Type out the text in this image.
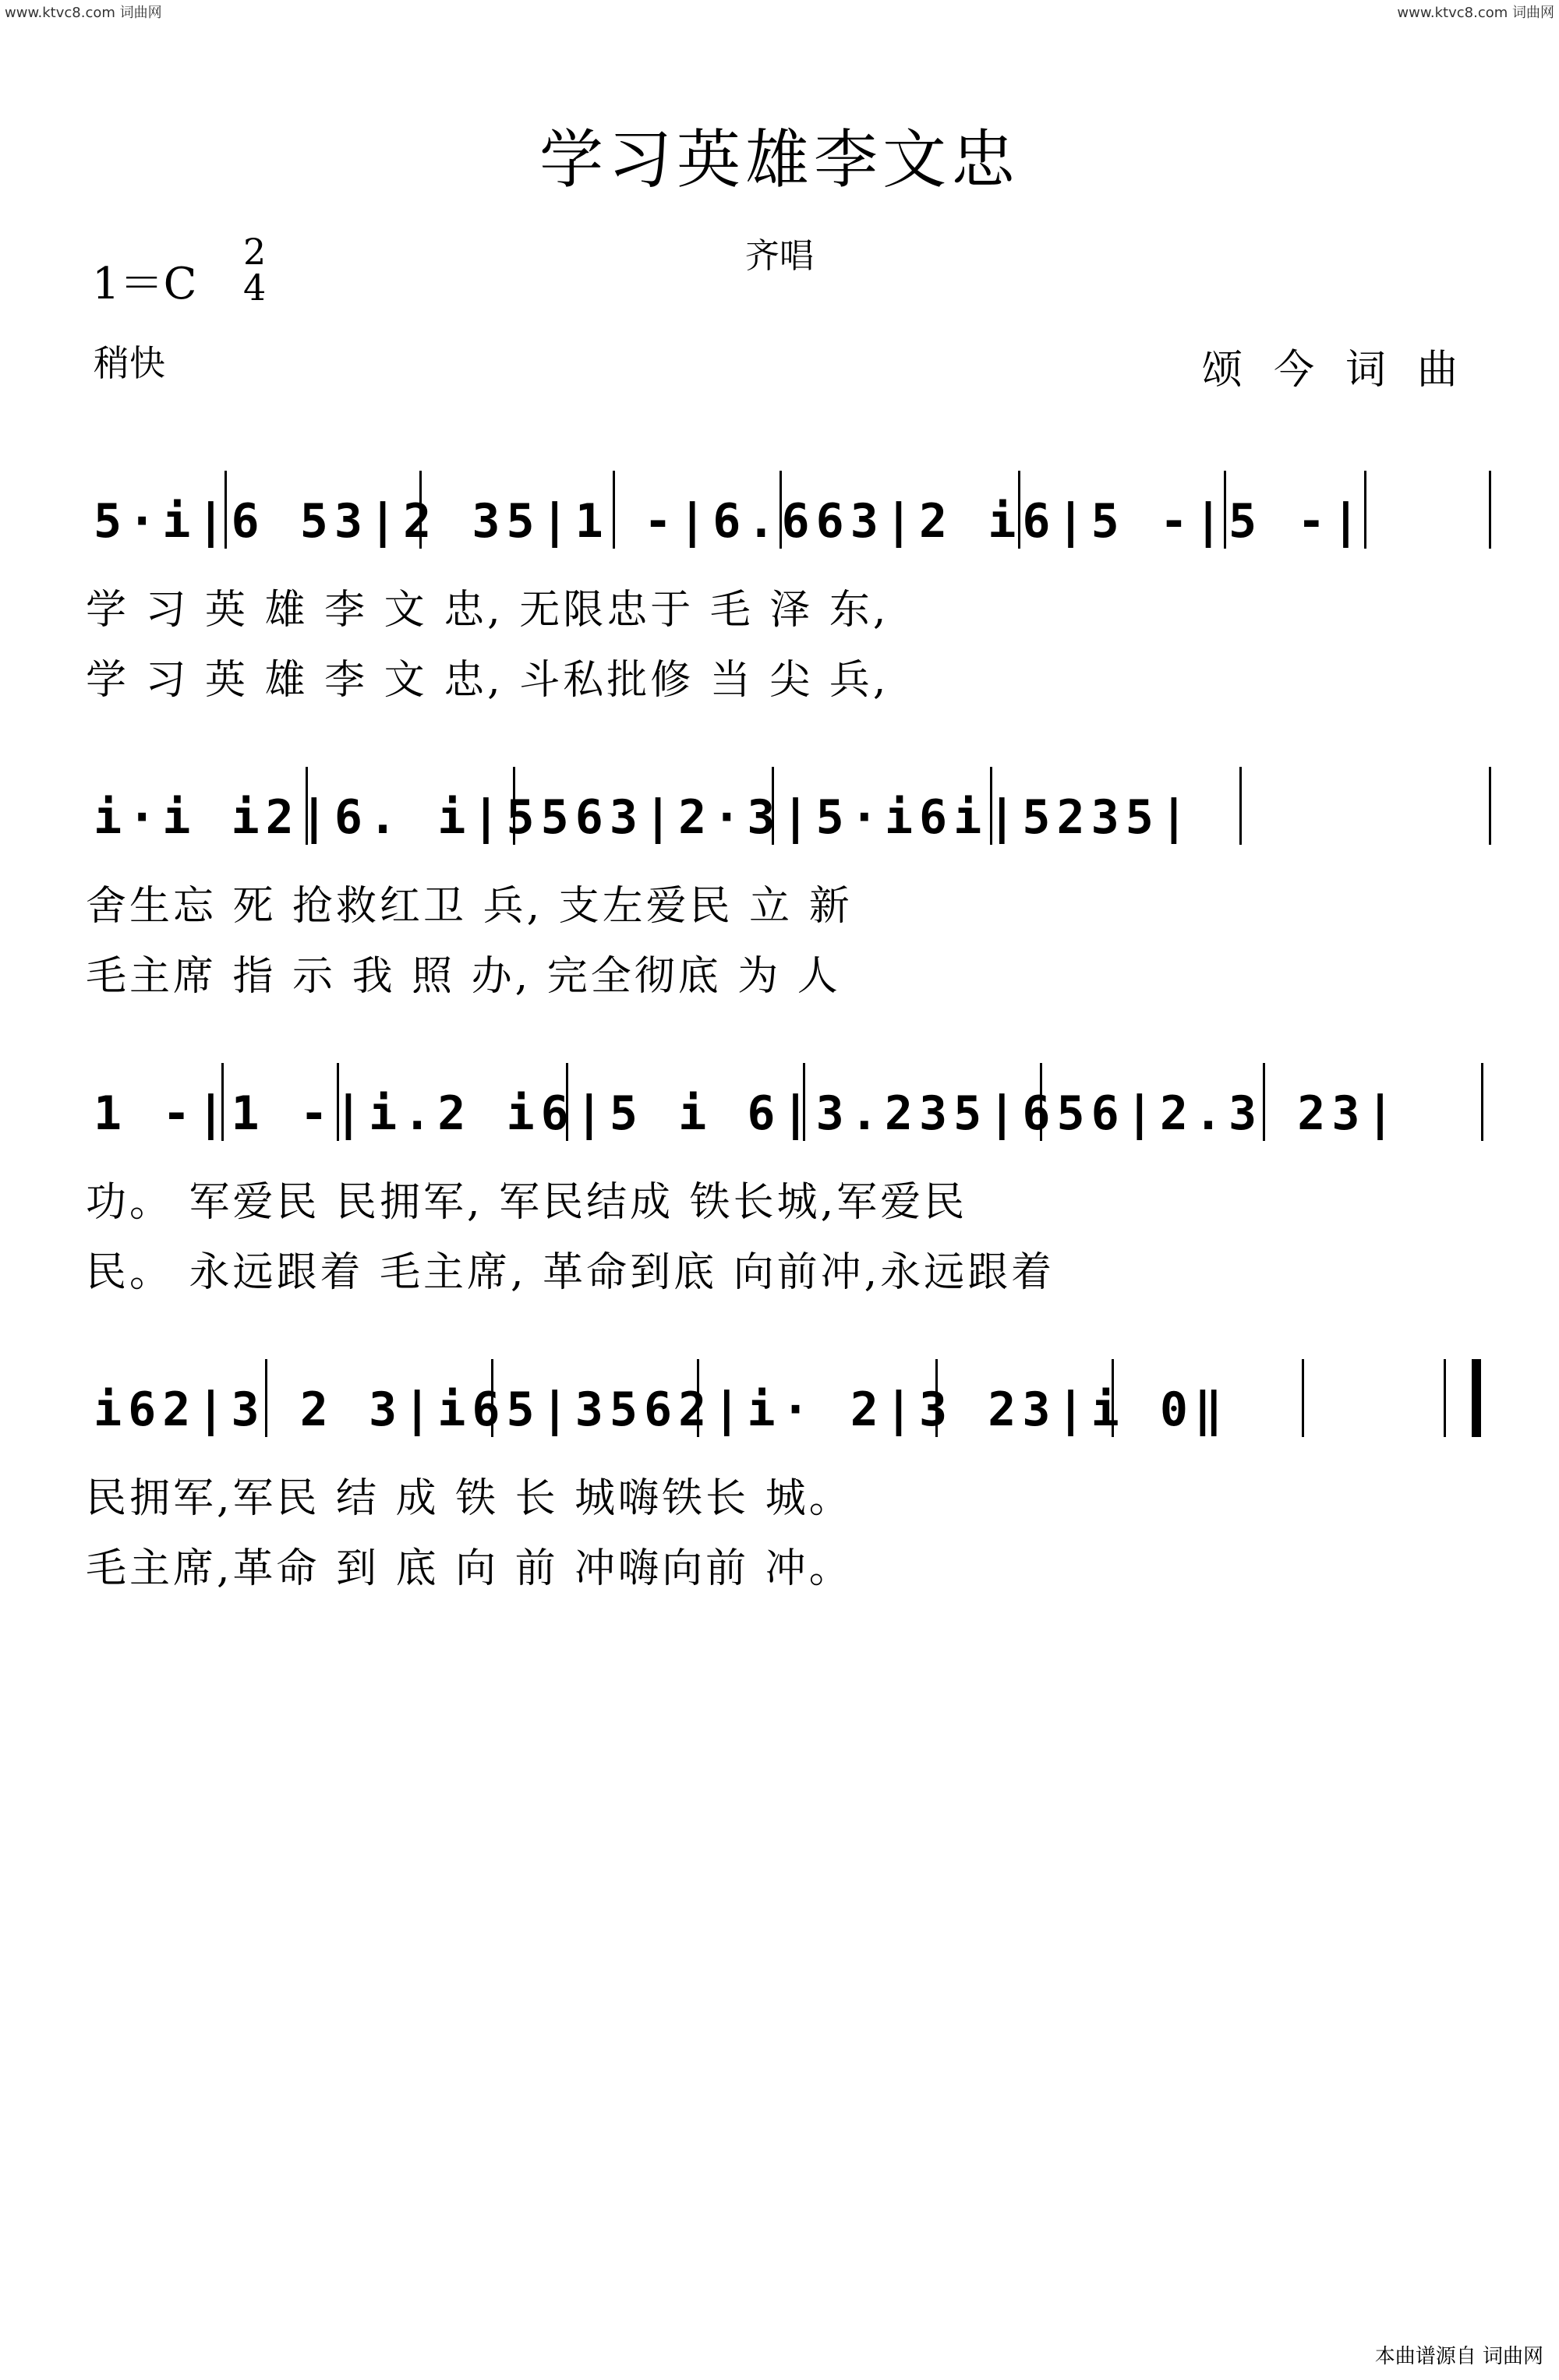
www.ktvc8.com 词曲网	www.ktvc8.com 词曲网
学习英雄李文忠
齐唱
1＝C
2
4
稍快	颂今词曲
5·i|6 53|2 35|1 -|6.663|2 i6|5 -|5 -|
学 习 英 雄 李 文 忠, 无限忠于 毛 泽 东,
学 习 英 雄 李 文 忠, 斗私批修 当 尖 兵,
i·i i2|6. i|5563|2·3|5·i6i|5235|
舍生忘 死 抢救红卫 兵, 支左爱民 立 新
毛主席 指 示 我 照 办, 完全彻底 为 人
1 -|1 -|i.2 i6|5 i 6|3.235|656|2.3 23|
功。 军爱民 民拥军, 军民结成 铁长城,军爱民
民。 永远跟着 毛主席, 革命到底 向前冲,永远跟着
i62|3 2 3|i65|3562|i· 2|3 23|i 0‖
民拥军,军民 结 成 铁 长 城嗨铁长 城。
毛主席,革命 到 底 向 前 冲嗨向前 冲。
本曲谱源自 词曲网
